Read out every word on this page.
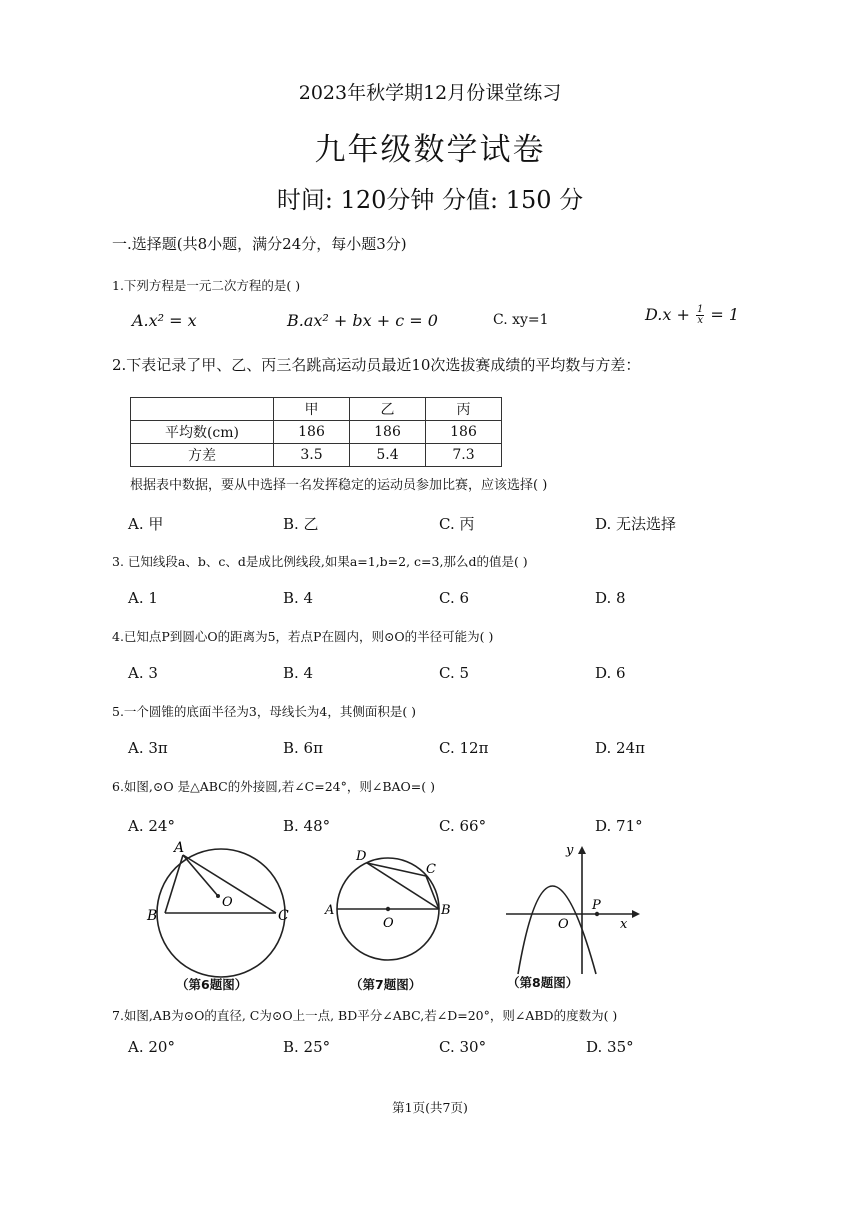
2023年秋学期12月份课堂练习
九年级数学试卷
时间: 120分钟 分值: 150 分
一.选择题(共8小题，满分24分，每小题3分)
1.下列方程是一元二次方程的是( )
A.x² = x	B.ax² + bx + c = 0	C. xy=1	$D.x + \frac{1}{x} = 1$
2.下表记录了甲、乙、丙三名跳高运动员最近10次选拔赛成绩的平均数与方差：
	甲	乙	丙
平均数(cm)	186	186	186
方差	3.5	5.4	7.3
根据表中数据，要从中选择一名发挥稳定的运动员参加比赛，应该选择( )
A. 甲	B. 乙	C. 丙	D. 无法选择
3. 已知线段a、b、c、d是成比例线段,如果a=1,b=2, c=3,那么d的值是( )
A. 1	B. 4	C. 6	D. 8
4.已知点P到圆心O的距离为5，若点P在圆内，则⊙O的半径可能为( )
A. 3	B. 4	C. 5	D. 6
5.一个圆锥的底面半径为3，母线长为4，其侧面积是( )
A. 3π	B. 6π	C. 12π	D. 24π
6.如图,⊙O 是△ABC的外接圆,若∠C=24°，则∠BAO=( )
A. 24°	B. 48°	C. 66°	D. 71°
A
B	C
O
（第6题图）
D
C
A
O
B
（第7题图）
y
O
P
x
（第8题图）
7.如图,AB为⊙O的直径, C为⊙O上一点, BD平分∠ABC,若∠D=20°，则∠ABD的度数为( )
A. 20°	B. 25°	C. 30°	D. 35°
第1页(共7页)
